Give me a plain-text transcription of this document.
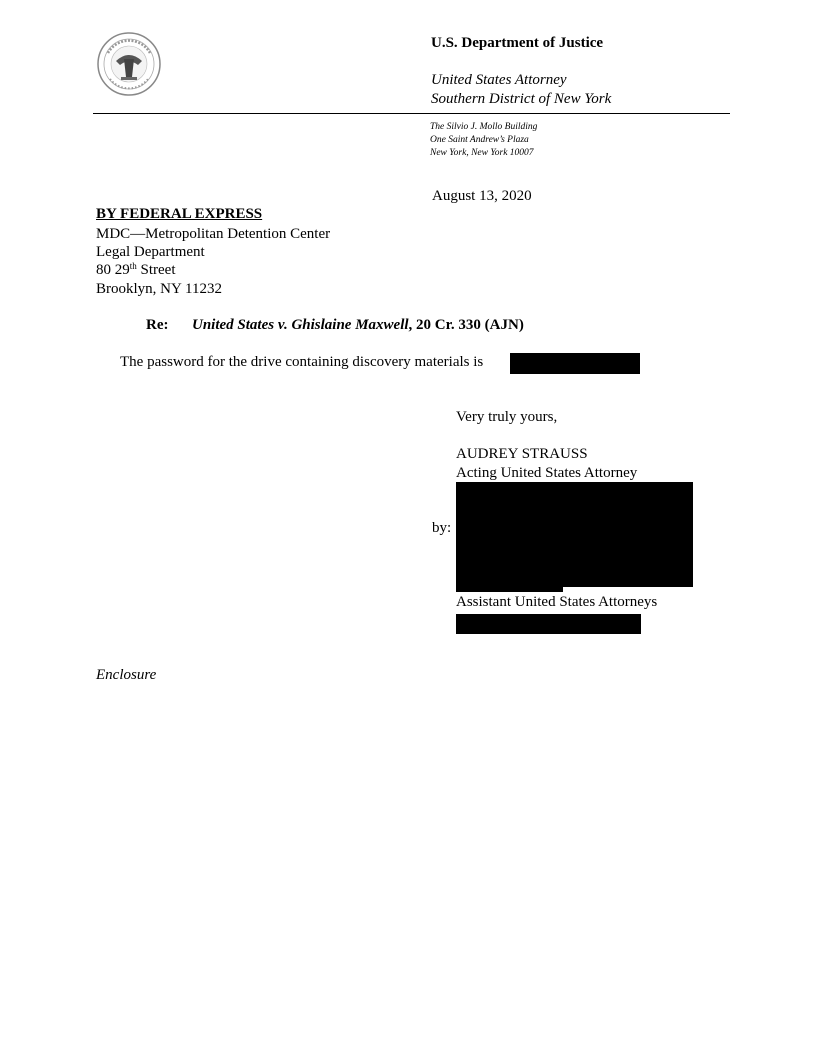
U.S. Department of Justice
United States Attorney
Southern District of New York
The Silvio J. Mollo Building
One Saint Andrew’s Plaza
New York, New York 10007
August 13, 2020
BY FEDERAL EXPRESS
MDC—Metropolitan Detention Center
Legal Department
80 29th Street
Brooklyn, NY 11232
Re: United States v. Ghislaine Maxwell, 20 Cr. 330 (AJN)
The password for the drive containing discovery materials is
Very truly yours,
AUDREY STRAUSS
Acting United States Attorney
by:
Assistant United States Attorneys
Enclosure
